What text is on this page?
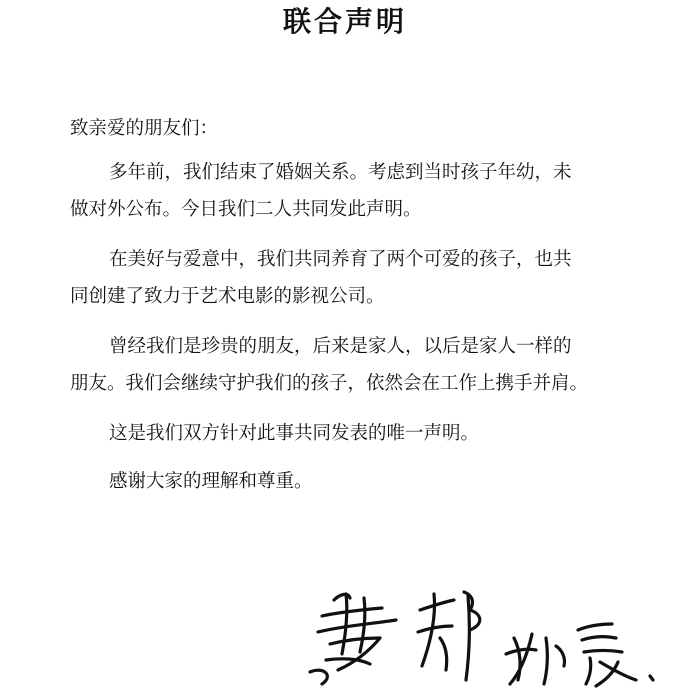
联合声明
致亲爱的朋友们：
多年前，我们结束了婚姻关系。考虑到当时孩子年幼，未
做对外公布。今日我们二人共同发此声明。
在美好与爱意中，我们共同养育了两个可爱的孩子，也共
同创建了致力于艺术电影的影视公司。
曾经我们是珍贵的朋友，后来是家人，以后是家人一样的
朋友。我们会继续守护我们的孩子，依然会在工作上携手并肩。
这是我们双方针对此事共同发表的唯一声明。
感谢大家的理解和尊重。
